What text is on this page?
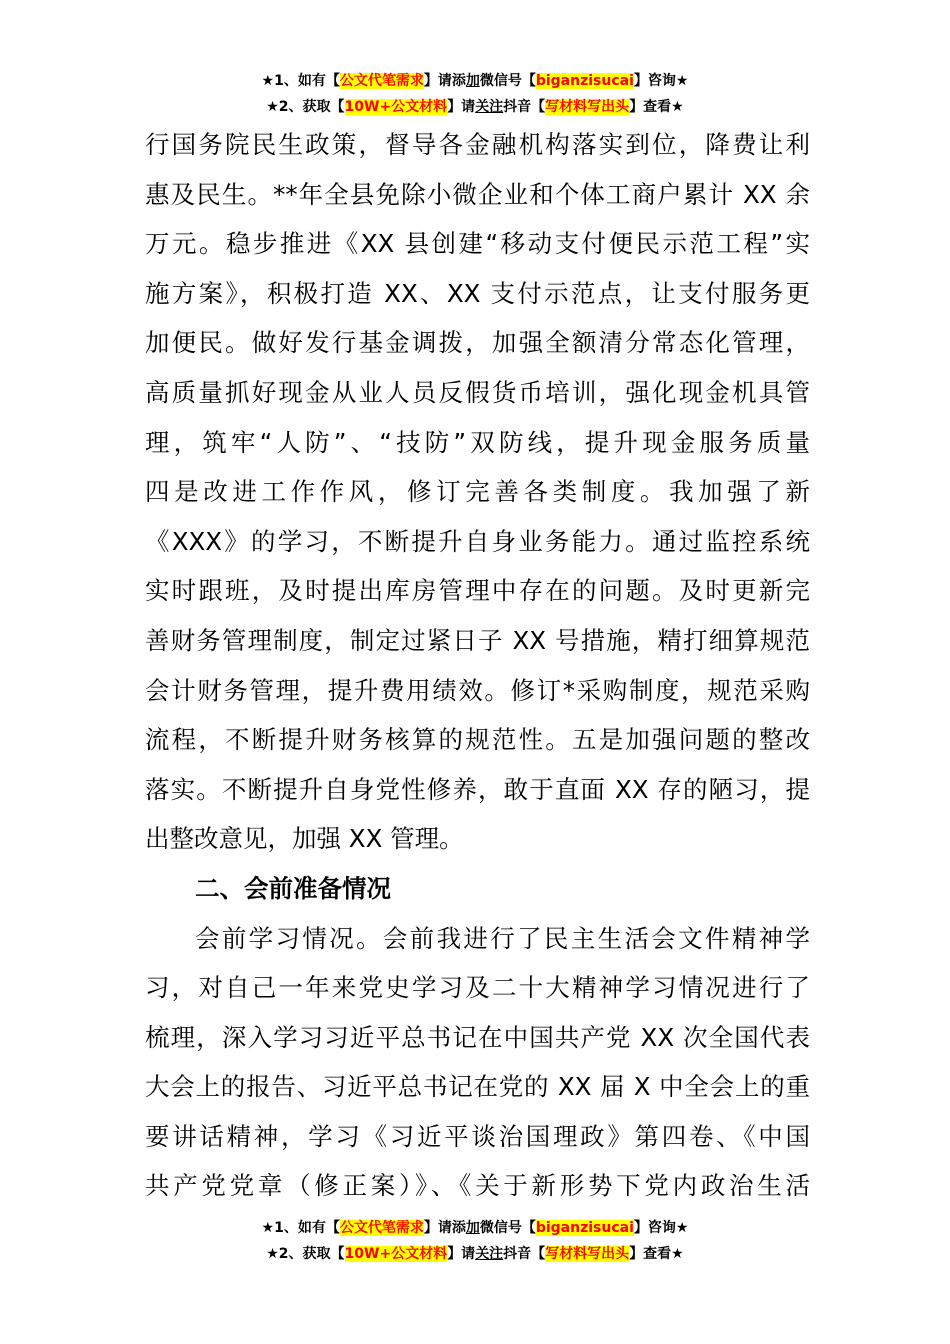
★1、如有【公文代笔需求】请添加微信号【biganzisucai】咨询★
★2、获取【10W+公文材料】请关注抖音【写材料写出头】查看★
行国务院民生政策，督导各金融机构落实到位，降费让利
惠及民生。**年全县免除小微企业和个体工商户累计 XX 余
万元。稳步推进《XX 县创建“移动支付便民示范工程”实
施方案》，积极打造 XX、XX 支付示范点，让支付服务更
加便民。做好发行基金调拨，加强全额清分常态化管理，
高质量抓好现金从业人员反假货币培训，强化现金机具管
理，筑牢“人防”、“技防”双防线，提升现金服务质量
四是改进工作作风，修订完善各类制度。我加强了新
《XXX》的学习，不断提升自身业务能力。通过监控系统
实时跟班，及时提出库房管理中存在的问题。及时更新完
善财务管理制度，制定过紧日子 XX 号措施，精打细算规范
会计财务管理，提升费用绩效。修订*采购制度，规范采购
流程，不断提升财务核算的规范性。五是加强问题的整改
落实。不断提升自身党性修养，敢于直面 XX 存的陋习，提
出整改意见，加强 XX 管理。
二、会前准备情况
会前学习情况。会前我进行了民主生活会文件精神学
习，对自己一年来党史学习及二十大精神学习情况进行了
梳理，深入学习习近平总书记在中国共产党 XX 次全国代表
大会上的报告、习近平总书记在党的 XX 届 X 中全会上的重
要讲话精神，学习《习近平谈治国理政》第四卷、《中国
共产党党章（修正案）》、《关于新形势下党内政治生活
★1、如有【公文代笔需求】请添加微信号【biganzisucai】咨询★
★2、获取【10W+公文材料】请关注抖音【写材料写出头】查看★
